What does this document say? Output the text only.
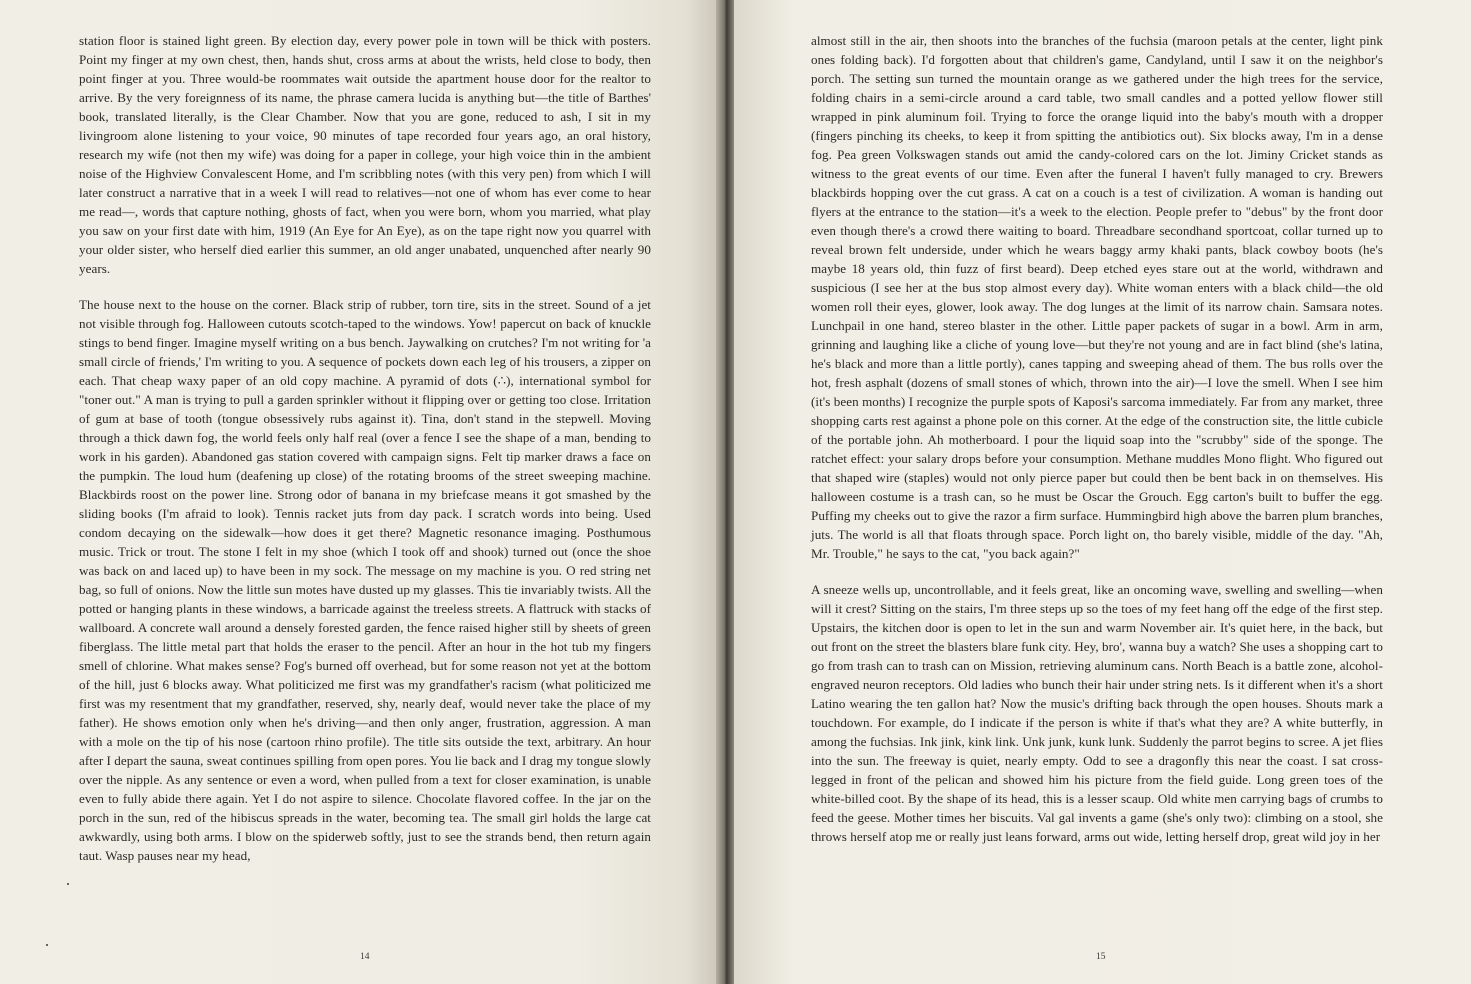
station floor is stained light green. By election day, every power pole in town will be thick with posters. Point my finger at my own chest, then, hands shut, cross arms at about the wrists, held close to body, then point finger at you. Three would-be roommates wait outside the apartment house door for the realtor to arrive. By the very foreignness of its name, the phrase camera lucida is anything but—the title of Barthes' book, translated literally, is the Clear Chamber. Now that you are gone, reduced to ash, I sit in my livingroom alone listening to your voice, 90 minutes of tape recorded four years ago, an oral history, research my wife (not then my wife) was doing for a paper in college, your high voice thin in the ambient noise of the Highview Convalescent Home, and I'm scribbling notes (with this very pen) from which I will later construct a narrative that in a week I will read to relatives—not one of whom has ever come to hear me read—, words that capture nothing, ghosts of fact, when you were born, whom you married, what play you saw on your first date with him, 1919 (An Eye for An Eye), as on the tape right now you quarrel with your older sister, who herself died earlier this summer, an old anger unabated, unquenched after nearly 90 years.

The house next to the house on the corner. Black strip of rubber, torn tire, sits in the street. Sound of a jet not visible through fog. Halloween cutouts scotch-taped to the windows. Yow! papercut on back of knuckle stings to bend finger. Imagine myself writing on a bus bench. Jaywalking on crutches? I'm not writing for 'a small circle of friends,' I'm writing to you. A sequence of pockets down each leg of his trousers, a zipper on each. That cheap waxy paper of an old copy machine. A pyramid of dots (∴), international symbol for "toner out." A man is trying to pull a garden sprinkler without it flipping over or getting too close. Irritation of gum at base of tooth (tongue obsessively rubs against it). Tina, don't stand in the stepwell. Moving through a thick dawn fog, the world feels only half real (over a fence I see the shape of a man, bending to work in his garden). Abandoned gas station covered with campaign signs. Felt tip marker draws a face on the pumpkin. The loud hum (deafening up close) of the rotating brooms of the street sweeping machine. Blackbirds roost on the power line. Strong odor of banana in my briefcase means it got smashed by the sliding books (I'm afraid to look). Tennis racket juts from day pack. I scratch words into being. Used condom decaying on the sidewalk—how does it get there? Magnetic resonance imaging. Posthumous music. Trick or trout. The stone I felt in my shoe (which I took off and shook) turned out (once the shoe was back on and laced up) to have been in my sock. The message on my machine is you. O red string net bag, so full of onions. Now the little sun motes have dusted up my glasses. This tie invariably twists. All the potted or hanging plants in these windows, a barricade against the treeless streets. A flattruck with stacks of wallboard. A concrete wall around a densely forested garden, the fence raised higher still by sheets of green fiberglass. The little metal part that holds the eraser to the pencil. After an hour in the hot tub my fingers smell of chlorine. What makes sense? Fog's burned off overhead, but for some reason not yet at the bottom of the hill, just 6 blocks away. What politicized me first was my grandfather's racism (what politicized me first was my resentment that my grandfather, reserved, shy, nearly deaf, would never take the place of my father). He shows emotion only when he's driving—and then only anger, frustration, aggression. A man with a mole on the tip of his nose (cartoon rhino profile). The title sits outside the text, arbitrary. An hour after I depart the sauna, sweat continues spilling from open pores. You lie back and I drag my tongue slowly over the nipple. As any sentence or even a word, when pulled from a text for closer examination, is unable even to fully abide there again. Yet I do not aspire to silence. Chocolate flavored coffee. In the jar on the porch in the sun, red of the hibiscus spreads in the water, becoming tea. The small girl holds the large cat awkwardly, using both arms. I blow on the spiderweb softly, just to see the strands bend, then return again taut. Wasp pauses near my head,

14

almost still in the air, then shoots into the branches of the fuchsia (maroon petals at the center, light pink ones folding back). I'd forgotten about that children's game, Candyland, until I saw it on the neighbor's porch. The setting sun turned the mountain orange as we gathered under the high trees for the service, folding chairs in a semi-circle around a card table, two small candles and a potted yellow flower still wrapped in pink aluminum foil. Trying to force the orange liquid into the baby's mouth with a dropper (fingers pinching its cheeks, to keep it from spitting the antibiotics out). Six blocks away, I'm in a dense fog. Pea green Volkswagen stands out amid the candy-colored cars on the lot. Jiminy Cricket stands as witness to the great events of our time. Even after the funeral I haven't fully managed to cry. Brewers blackbirds hopping over the cut grass. A cat on a couch is a test of civilization. A woman is handing out flyers at the entrance to the station—it's a week to the election. People prefer to "debus" by the front door even though there's a crowd there waiting to board. Threadbare secondhand sportcoat, collar turned up to reveal brown felt underside, under which he wears baggy army khaki pants, black cowboy boots (he's maybe 18 years old, thin fuzz of first beard). Deep etched eyes stare out at the world, withdrawn and suspicious (I see her at the bus stop almost every day). White woman enters with a black child—the old women roll their eyes, glower, look away. The dog lunges at the limit of its narrow chain. Samsara notes. Lunchpail in one hand, stereo blaster in the other. Little paper packets of sugar in a bowl. Arm in arm, grinning and laughing like a cliche of young love—but they're not young and are in fact blind (she's latina, he's black and more than a little portly), canes tapping and sweeping ahead of them. The bus rolls over the hot, fresh asphalt (dozens of small stones of which, thrown into the air)—I love the smell. When I see him (it's been months) I recognize the purple spots of Kaposi's sarcoma immediately. Far from any market, three shopping carts rest against a phone pole on this corner. At the edge of the construction site, the little cubicle of the portable john. Ah motherboard. I pour the liquid soap into the "scrubby" side of the sponge. The ratchet effect: your salary drops before your consumption. Methane muddles Mono flight. Who figured out that shaped wire (staples) would not only pierce paper but could then be bent back in on themselves. His halloween costume is a trash can, so he must be Oscar the Grouch. Egg carton's built to buffer the egg. Puffing my cheeks out to give the razor a firm surface. Hummingbird high above the barren plum branches, juts. The world is all that floats through space. Porch light on, tho barely visible, middle of the day. "Ah, Mr. Trouble," he says to the cat, "you back again?"

A sneeze wells up, uncontrollable, and it feels great, like an oncoming wave, swelling and swelling—when will it crest? Sitting on the stairs, I'm three steps up so the toes of my feet hang off the edge of the first step. Upstairs, the kitchen door is open to let in the sun and warm November air. It's quiet here, in the back, but out front on the street the blasters blare funk city. Hey, bro', wanna buy a watch? She uses a shopping cart to go from trash can to trash can on Mission, retrieving aluminum cans. North Beach is a battle zone, alcohol-engraved neuron receptors. Old ladies who bunch their hair under string nets. Is it different when it's a short Latino wearing the ten gallon hat? Now the music's drifting back through the open houses. Shouts mark a touchdown. For example, do I indicate if the person is white if that's what they are? A white butterfly, in among the fuchsias. Ink jink, kink link. Unk junk, kunk lunk. Suddenly the parrot begins to scree. A jet flies into the sun. The freeway is quiet, nearly empty. Odd to see a dragonfly this near the coast. I sat cross-legged in front of the pelican and showed him his picture from the field guide. Long green toes of the white-billed coot. By the shape of its head, this is a lesser scaup. Old white men carrying bags of crumbs to feed the geese. Mother times her biscuits. Val gal invents a game (she's only two): climbing on a stool, she throws herself atop me or really just leans forward, arms out wide, letting herself drop, great wild joy in her

15
